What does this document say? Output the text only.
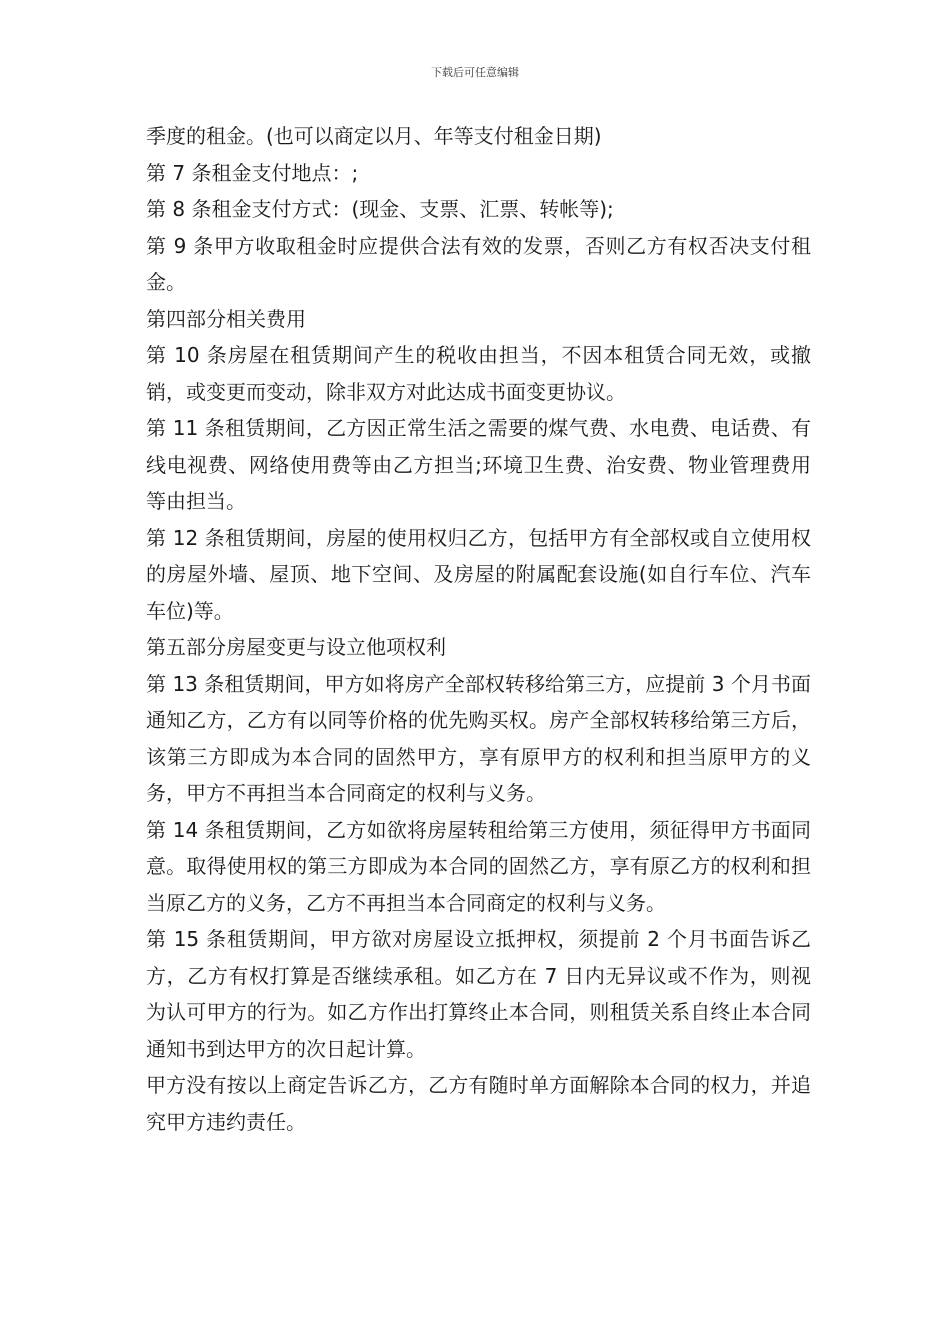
下载后可任意编辑

季度的租金。(也可以商定以月、年等支付租金日期)

第 7 条租金支付地点：;

第 8 条租金支付方式：(现金、支票、汇票、转帐等);

第 9 条甲方收取租金时应提供合法有效的发票，否则乙方有权否决支付租金。

第四部分相关费用

第 10 条房屋在租赁期间产生的税收由担当，不因本租赁合同无效，或撤销，或变更而变动，除非双方对此达成书面变更协议。

第 11 条租赁期间，乙方因正常生活之需要的煤气费、水电费、电话费、有线电视费、网络使用费等由乙方担当;环境卫生费、治安费、物业管理费用等由担当。

第 12 条租赁期间，房屋的使用权归乙方，包括甲方有全部权或自立使用权的房屋外墙、屋顶、地下空间、及房屋的附属配套设施(如自行车位、汽车车位)等。

第五部分房屋变更与设立他项权利

第 13 条租赁期间，甲方如将房产全部权转移给第三方，应提前 3 个月书面通知乙方，乙方有以同等价格的优先购买权。房产全部权转移给第三方后，该第三方即成为本合同的固然甲方，享有原甲方的权利和担当原甲方的义务，甲方不再担当本合同商定的权利与义务。

第 14 条租赁期间，乙方如欲将房屋转租给第三方使用，须征得甲方书面同意。取得使用权的第三方即成为本合同的固然乙方，享有原乙方的权利和担当原乙方的义务，乙方不再担当本合同商定的权利与义务。

第 15 条租赁期间，甲方欲对房屋设立抵押权，须提前 2 个月书面告诉乙方，乙方有权打算是否继续承租。如乙方在 7 日内无异议或不作为，则视为认可甲方的行为。如乙方作出打算终止本合同，则租赁关系自终止本合同通知书到达甲方的次日起计算。

甲方没有按以上商定告诉乙方，乙方有随时单方面解除本合同的权力，并追究甲方违约责任。
